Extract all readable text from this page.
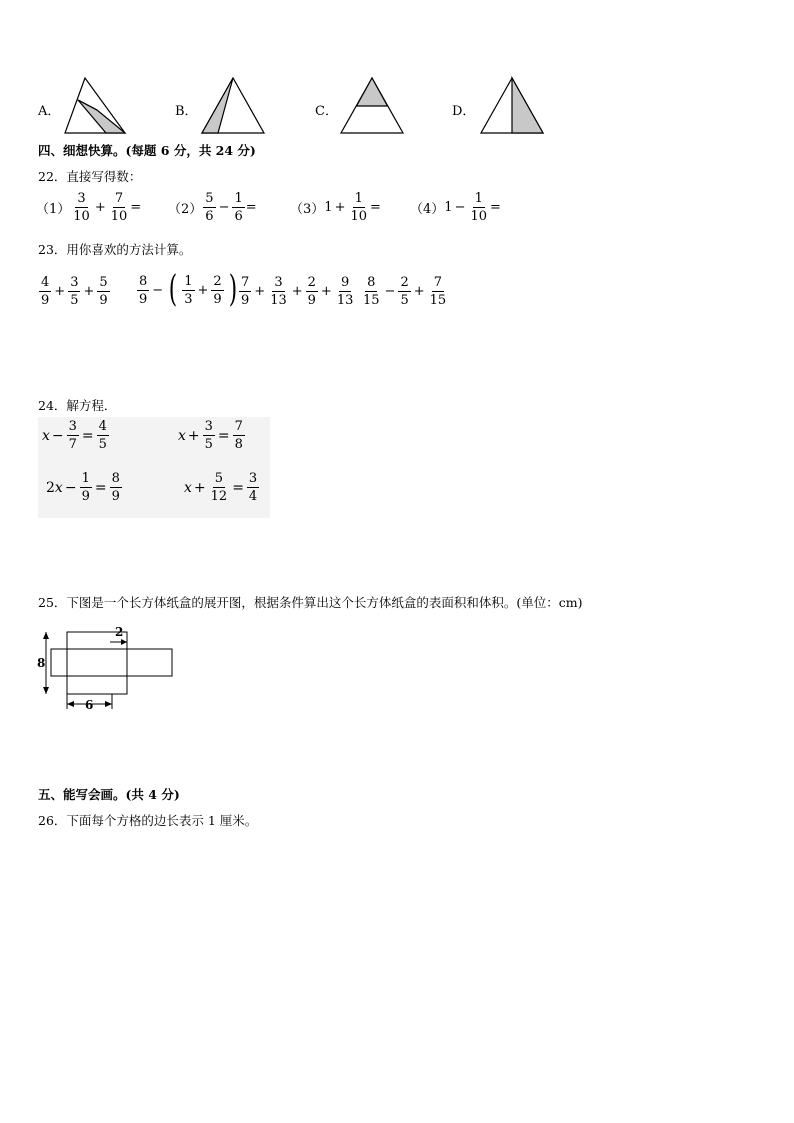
A．	B．	C．	D．
四、细想快算。(每题 6 分，共 24 分)
22．直接写得数：
$(1) \frac{3}{10} + \frac{7}{10} = (2) \frac{5}{6} - \frac{1}{6}$ =	（3） $1 + \frac{1}{10} = (4) 1 - \frac{1}{10}$ =
23．用你喜欢的方法计算。
$\frac{4}{9} + \frac{3}{5} + \frac{5}{9} \frac{8}{9}$ − ( $\frac{1}{3} + \frac{2}{9}$ ) $\frac{7}{9} + \frac{3}{13} + \frac{2}{9} + \frac{9}{13} \frac{8}{15} - \frac{2}{5} + \frac{7}{15}$
24．解方程．
$x - \frac{3}{7} = \frac{4}{5}$	$x + \frac{3}{5} = \frac{7}{8}$
2 $x - \frac{1}{9} = \frac{8}{9}$	$x + \frac{5}{12} = \frac{3}{4}$
25．下图是一个长方体纸盒的展开图，根据条件算出这个长方体纸盒的表面积和体积。(单位：cm)
2
8
6
五、能写会画。(共 4 分)
26．下面每个方格的边长表示 1 厘米。
